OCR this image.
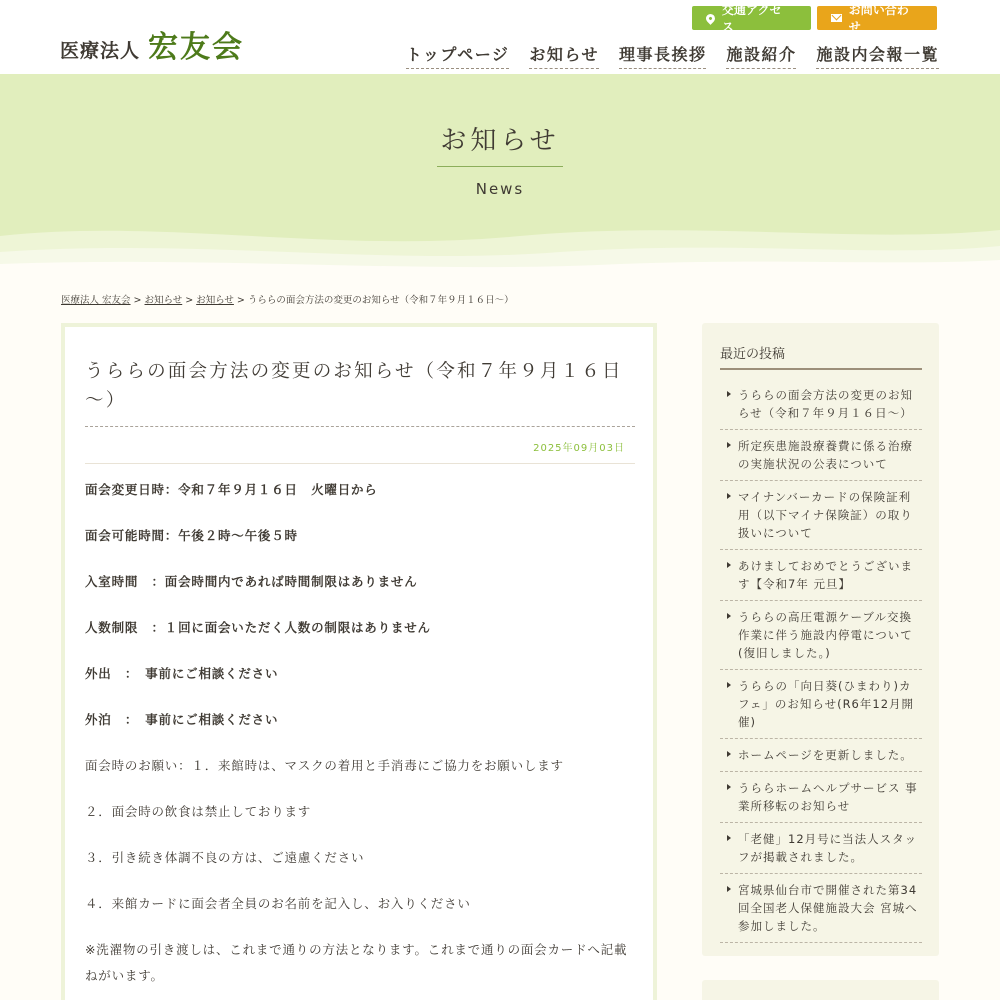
医療法人 宏友会
交通アクセス
お問い合わせ
トップページ お知らせ 理事長挨拶 施設紹介 施設内会報一覧
お知らせ
News
医療法人 宏友会 > お知らせ > お知らせ > うららの面会方法の変更のお知らせ（令和７年９月１６日〜）
うららの面会方法の変更のお知らせ（令和７年９月１６日
〜）
2025年09月03日
面会変更日時：令和７年９月１６日　火曜日から
面会可能時間：午後２時〜午後５時
入室時間　：面会時間内であれば時間制限はありません
人数制限　：１回に面会いただく人数の制限はありません
外出　：　事前にご相談ください
外泊　：　事前にご相談ください
面会時のお願い：１．来館時は、マスクの着用と手消毒にご協力をお願いします
２．面会時の飲食は禁止しております
３．引き続き体調不良の方は、ご遠慮ください
４．来館カードに面会者全員のお名前を記入し、お入りください
※洗濯物の引き渡しは、これまで通りの方法となります。これまで通りの面会カードへ記載
ねがいます。
最近の投稿
うららの面会方法の変更のお知らせ（令和７年９月１６日〜）
所定疾患施設療養費に係る治療の実施状況の公表について
マイナンバーカードの保険証利用（以下マイナ保険証）の取り扱いについて
あけましておめでとうございます【令和7年 元旦】
うららの高圧電源ケーブル交換作業に伴う施設内停電について(復旧しました。)
うららの「向日葵(ひまわり)カフェ」のお知らせ(R6年12月開催)
ホームページを更新しました。
うららホームヘルプサービス 事業所移転のお知らせ
「老健」12月号に当法人スタッフが掲載されました。
宮城県仙台市で開催された第34回全国老人保健施設大会 宮城へ参加しました。
